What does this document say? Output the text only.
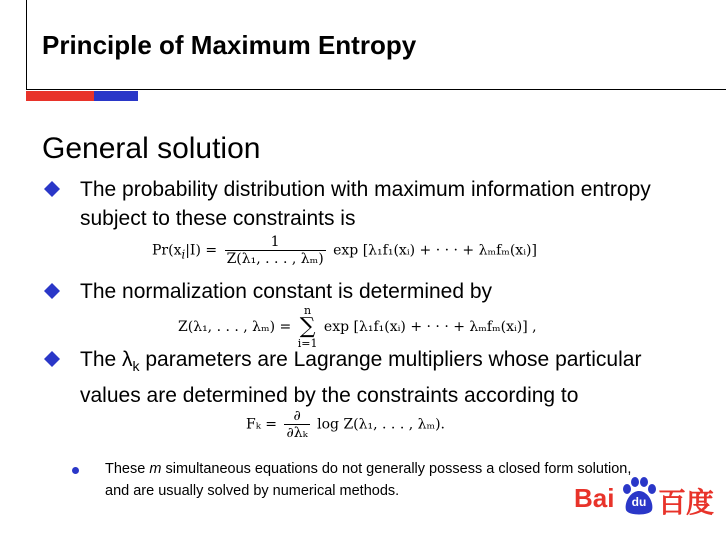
Principle of Maximum Entropy
General solution
The probability distribution with maximum information entropy subject to these constraints is
$Pr(x_i|I) = \frac{1}{\text{Z(λ₁, . . . , λₘ)}}$ exp [λ₁f₁(xᵢ) + · · · + λₘfₘ(xᵢ)]
The normalization constant is determined by
Z(λ₁, . . . , λₘ) = n
∑
i=1 exp [λ₁f₁(xᵢ) + · · · + λₘfₘ(xᵢ)] ,
The $\lambda_k$ parameters are Lagrange multipliers whose particular values are determined by the constraints according to
$F_k = \frac{\partial}{\text{∂λₖ}}$ log Z(λ₁, . . . , λₘ).
These m simultaneous equations do not generally possess a closed form solution, and are usually solved by numerical methods.	Bai	du 百度
